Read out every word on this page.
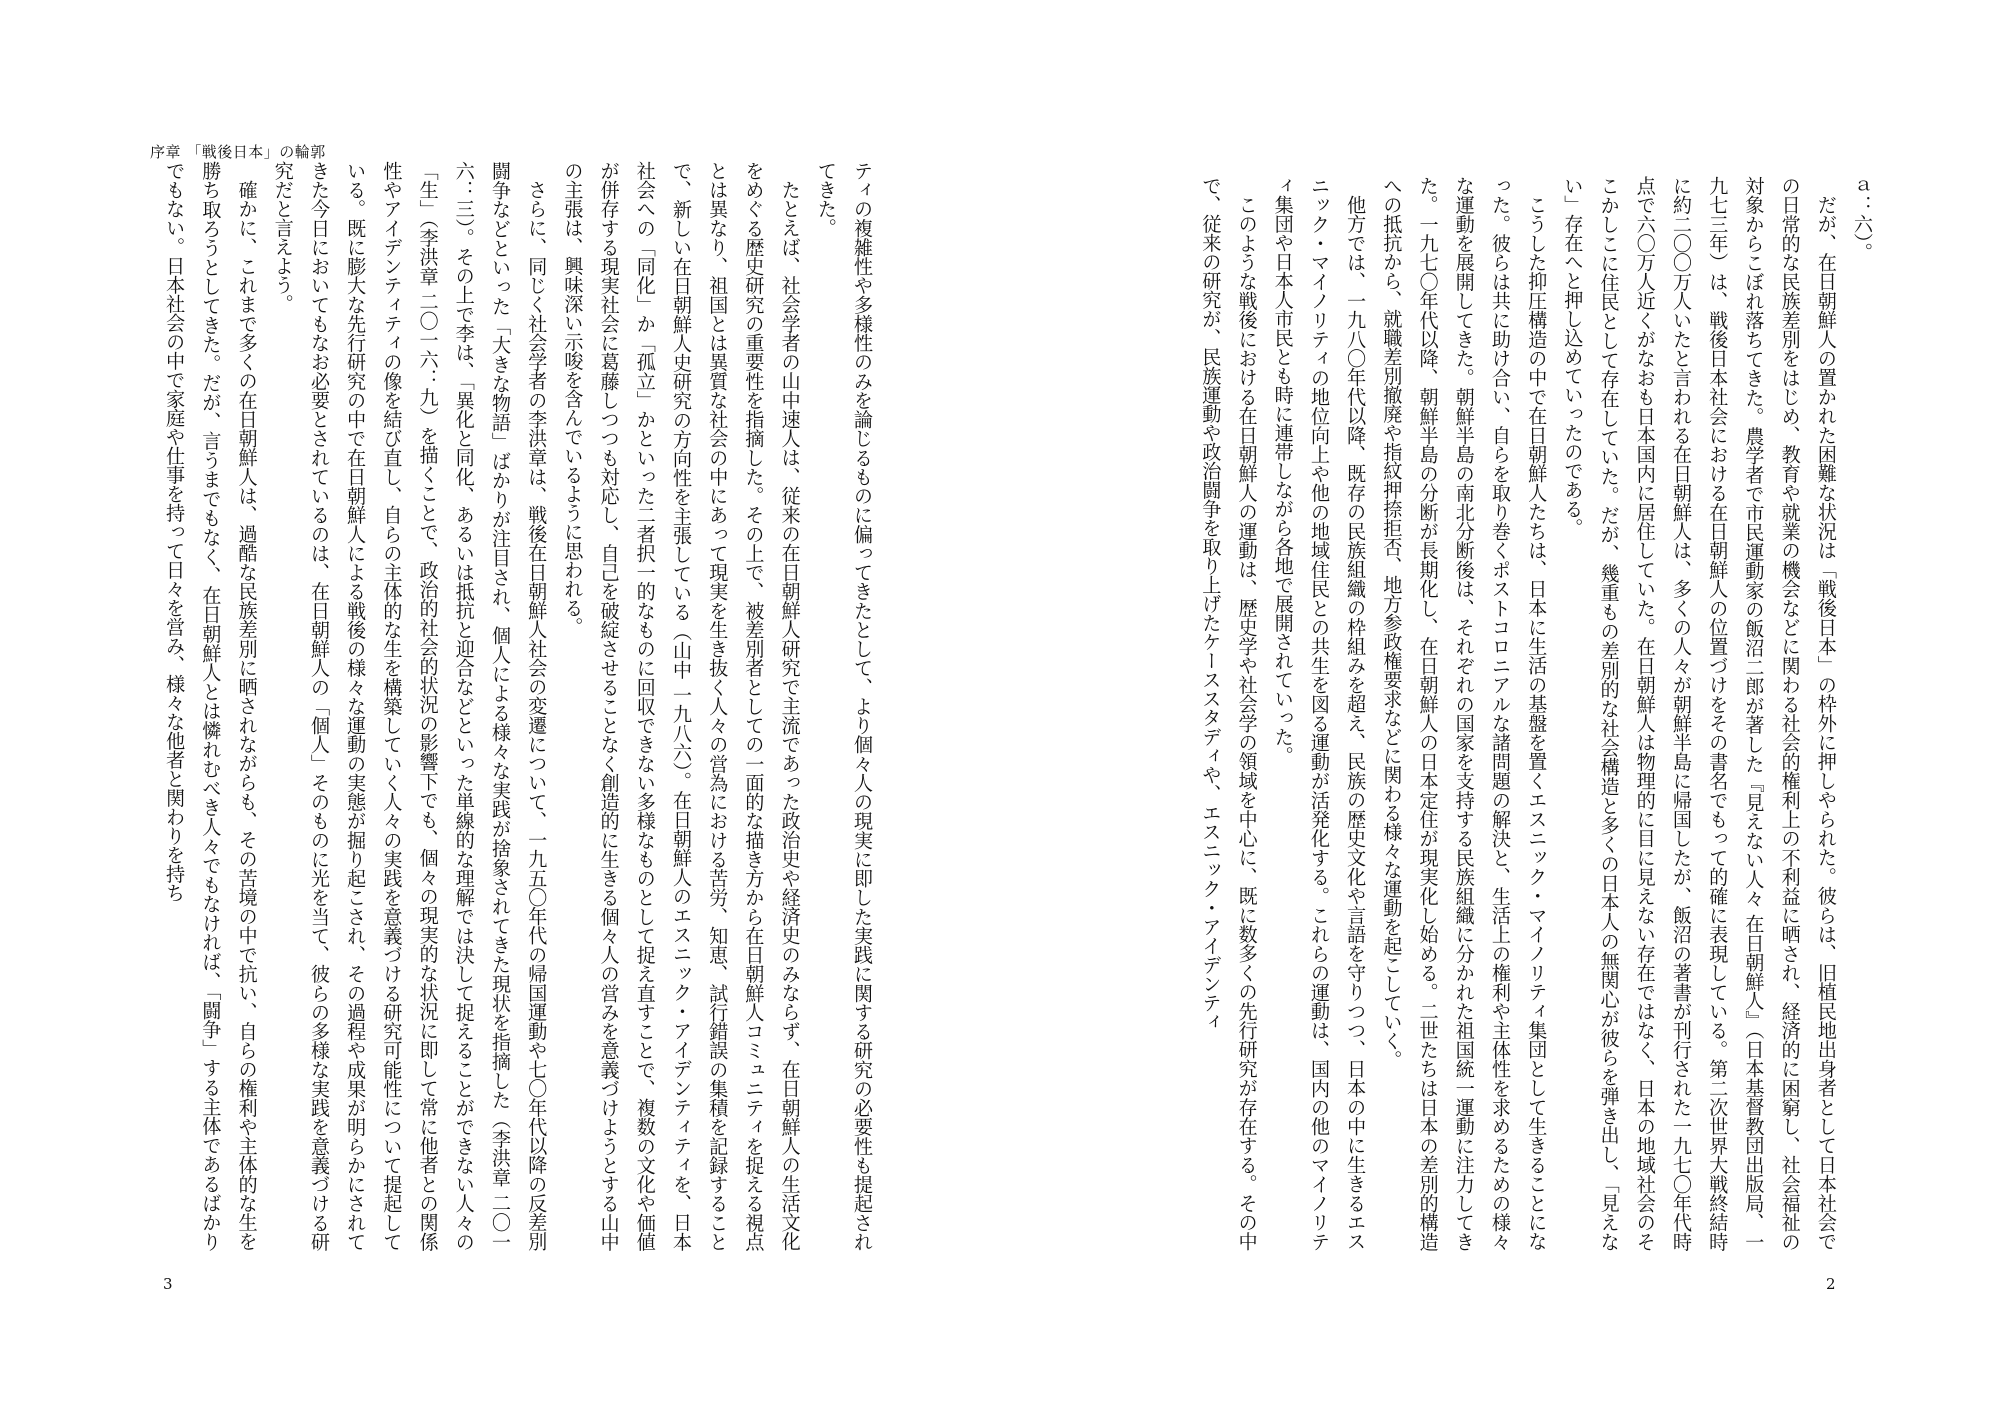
序章 「戦後日本」の輪郭

ティの複雑性や多様性のみを論じるものに偏ってきたとして、より個々人の現実に即した実践に関する研究の必要性も提起されてきた。

たとえば、社会学者の山中速人は、従来の在日朝鮮人研究で主流であった政治史や経済史のみならず、在日朝鮮人の生活文化をめぐる歴史研究の重要性を指摘した。その上で、被差別者としての一面的な描き方から在日朝鮮人コミュニティを捉える視点とは異なり、祖国とは異質な社会の中にあって現実を生き抜く人々の営為における苦労、知恵、試行錯誤の集積を記録することで、新しい在日朝鮮人史研究の方向性を主張している（山中 一九八六）。在日朝鮮人のエスニック・アイデンティティを、日本社会への「同化」か「孤立」かといった二者択一的なものに回収できない多様なものとして捉え直すことで、複数の文化や価値が併存する現実社会に葛藤しつつも対応し、自己を破綻させることなく創造的に生きる個々人の営みを意義づけようとする山中の主張は、興味深い示唆を含んでいるように思われる。

さらに、同じく社会学者の李洪章は、戦後在日朝鮮人社会の変遷について、一九五〇年代の帰国運動や七〇年代以降の反差別闘争などといった「大きな物語」ばかりが注目され、個人による様々な実践が捨象されてきた現状を指摘した（李洪章 二〇一六：三）。その上で李は、「異化と同化、あるいは抵抗と迎合などといった単線的な理解では決して捉えることができない人々の「生」（李洪章 二〇一六：九）を描くことで、政治的社会的状況の影響下でも、個々の現実的な状況に即して常に他者との関係性やアイデンティティの像を結び直し、自らの主体的な生を構築していく人々の実践を意義づける研究可能性について提起している。既に膨大な先行研究の中で在日朝鮮人による戦後の様々な運動の実態が掘り起こされ、その過程や成果が明らかにされてきた今日においてもなお必要とされているのは、在日朝鮮人の「個人」そのものに光を当て、彼らの多様な実践を意義づける研究だと言えよう。

確かに、これまで多くの在日朝鮮人は、過酷な民族差別に晒されながらも、その苦境の中で抗い、自らの権利や主体的な生を勝ち取ろうとしてきた。だが、言うまでもなく、在日朝鮮人とは憐れむべき人々でもなければ、「闘争」する主体であるばかりでもない。日本社会の中で家庭や仕事を持って日々を営み、様々な他者と関わりを持ち

3

ａ：六）。

だが、在日朝鮮人の置かれた困難な状況は「戦後日本」の枠外に押しやられた。彼らは、旧植民地出身者として日本社会での日常的な民族差別をはじめ、教育や就業の機会などに関わる社会的権利上の不利益に晒され、経済的に困窮し、社会福祉の対象からこぼれ落ちてきた。農学者で市民運動家の飯沼二郎が著した『見えない人々 在日朝鮮人』（日本基督教団出版局、一九七三年）は、戦後日本社会における在日朝鮮人の位置づけをその書名でもって的確に表現している。第二次世界大戦終結時に約二〇〇万人いたと言われる在日朝鮮人は、多くの人々が朝鮮半島に帰国したが、飯沼の著書が刊行された一九七〇年代時点で六〇万人近くがなおも日本国内に居住していた。在日朝鮮人は物理的に目に見えない存在ではなく、日本の地域社会のそこかしこに住民として存在していた。だが、幾重もの差別的な社会構造と多くの日本人の無関心が彼らを弾き出し、「見えない」存在へと押し込めていったのである。

こうした抑圧構造の中で在日朝鮮人たちは、日本に生活の基盤を置くエスニック・マイノリティ集団として生きることになった。彼らは共に助け合い、自らを取り巻くポストコロニアルな諸問題の解決と、生活上の権利や主体性を求めるための様々な運動を展開してきた。朝鮮半島の南北分断後は、それぞれの国家を支持する民族組織に分かれた祖国統一運動に注力してきた。一九七〇年代以降、朝鮮半島の分断が長期化し、在日朝鮮人の日本定住が現実化し始める。二世たちは日本の差別的構造への抵抗から、就職差別撤廃や指紋押捺拒否、地方参政権要求などに関わる様々な運動を起こしていく。

他方では、一九八〇年代以降、既存の民族組織の枠組みを超え、民族の歴史文化や言語を守りつつ、日本の中に生きるエスニック・マイノリティの地位向上や他の地域住民との共生を図る運動が活発化する。これらの運動は、国内の他のマイノリティ集団や日本人市民とも時に連帯しながら各地で展開されていった。

このような戦後における在日朝鮮人の運動は、歴史学や社会学の領域を中心に、既に数多くの先行研究が存在する。その中で、従来の研究が、民族運動や政治闘争を取り上げたケーススタディや、エスニック・アイデンティ

2
